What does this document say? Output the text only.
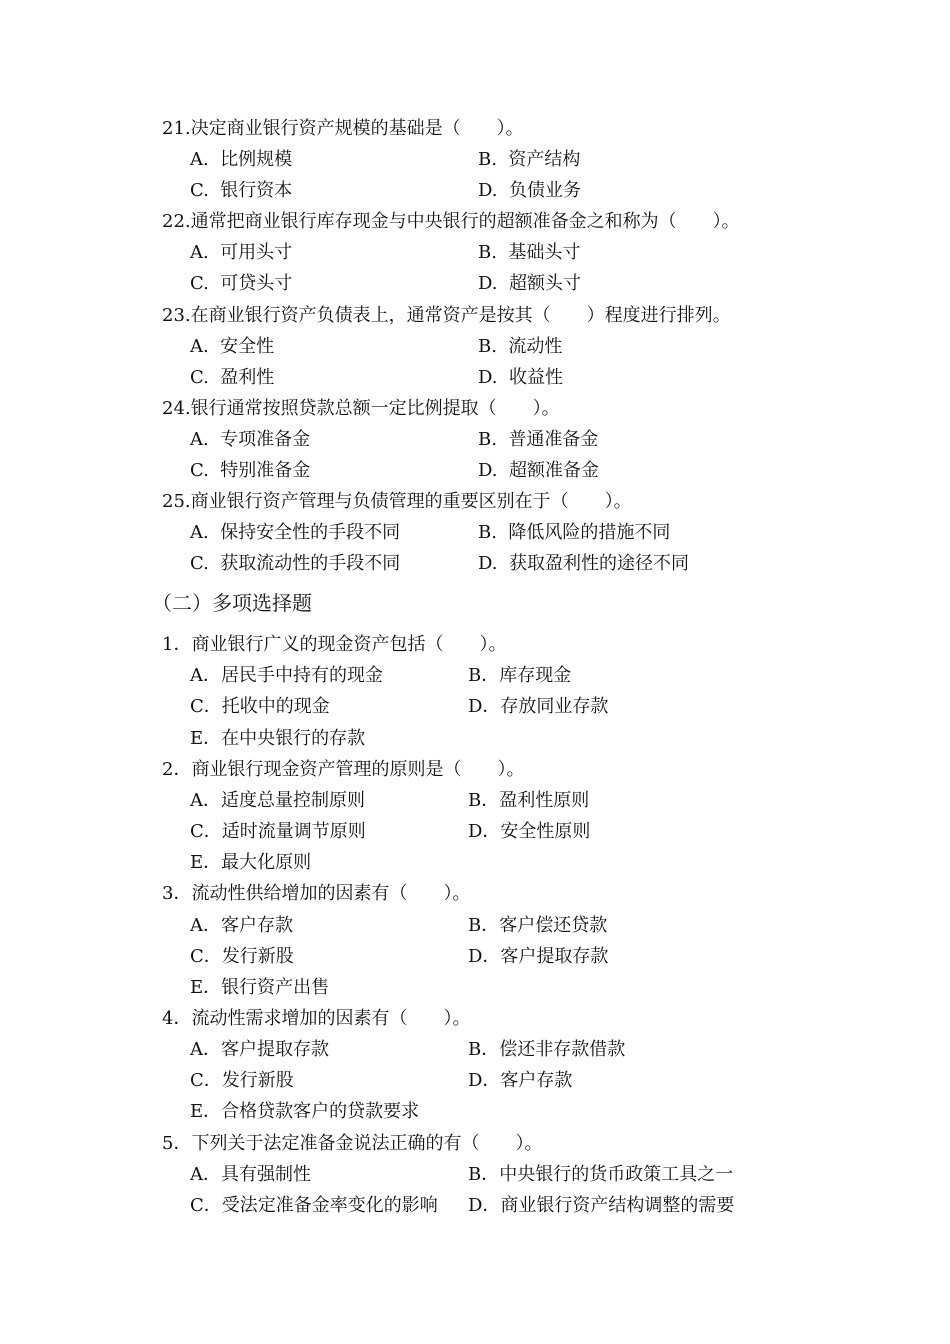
21.决定商业银行资产规模的基础是（　　）。
A.  比例规模	B.  资产结构
C.  银行资本	D.  负债业务
22.通常把商业银行库存现金与中央银行的超额准备金之和称为（　　）。
A.  可用头寸	B.  基础头寸
C.  可贷头寸	D.  超额头寸
23.在商业银行资产负债表上，通常资产是按其（　　）程度进行排列。
A.  安全性	B.  流动性
C.  盈利性	D.  收益性
24.银行通常按照贷款总额一定比例提取（　　）。
A.  专项准备金	B.  普通准备金
C.  特别准备金	D.  超额准备金
25.商业银行资产管理与负债管理的重要区别在于（　　）。
A.  保持安全性的手段不同	B.  降低风险的措施不同
C.  获取流动性的手段不同	D.  获取盈利性的途径不同
（二）多项选择题
1．商业银行广义的现金资产包括（　　）。
A．居民手中持有的现金	B．库存现金
C．托收中的现金	D．存放同业存款
E．在中央银行的存款
2．商业银行现金资产管理的原则是（　　）。
A．适度总量控制原则	B．盈利性原则
C．适时流量调节原则	D．安全性原则
E．最大化原则
3．流动性供给增加的因素有（　　）。
A．客户存款	B．客户偿还贷款
C．发行新股	D．客户提取存款
E．银行资产出售
4．流动性需求增加的因素有（　　）。
A．客户提取存款	B．偿还非存款借款
C．发行新股	D．客户存款
E．合格贷款客户的贷款要求
5．下列关于法定准备金说法正确的有（　　）。
A．具有强制性	B．中央银行的货币政策工具之一
C．受法定准备金率变化的影响 D．商业银行资产结构调整的需要
